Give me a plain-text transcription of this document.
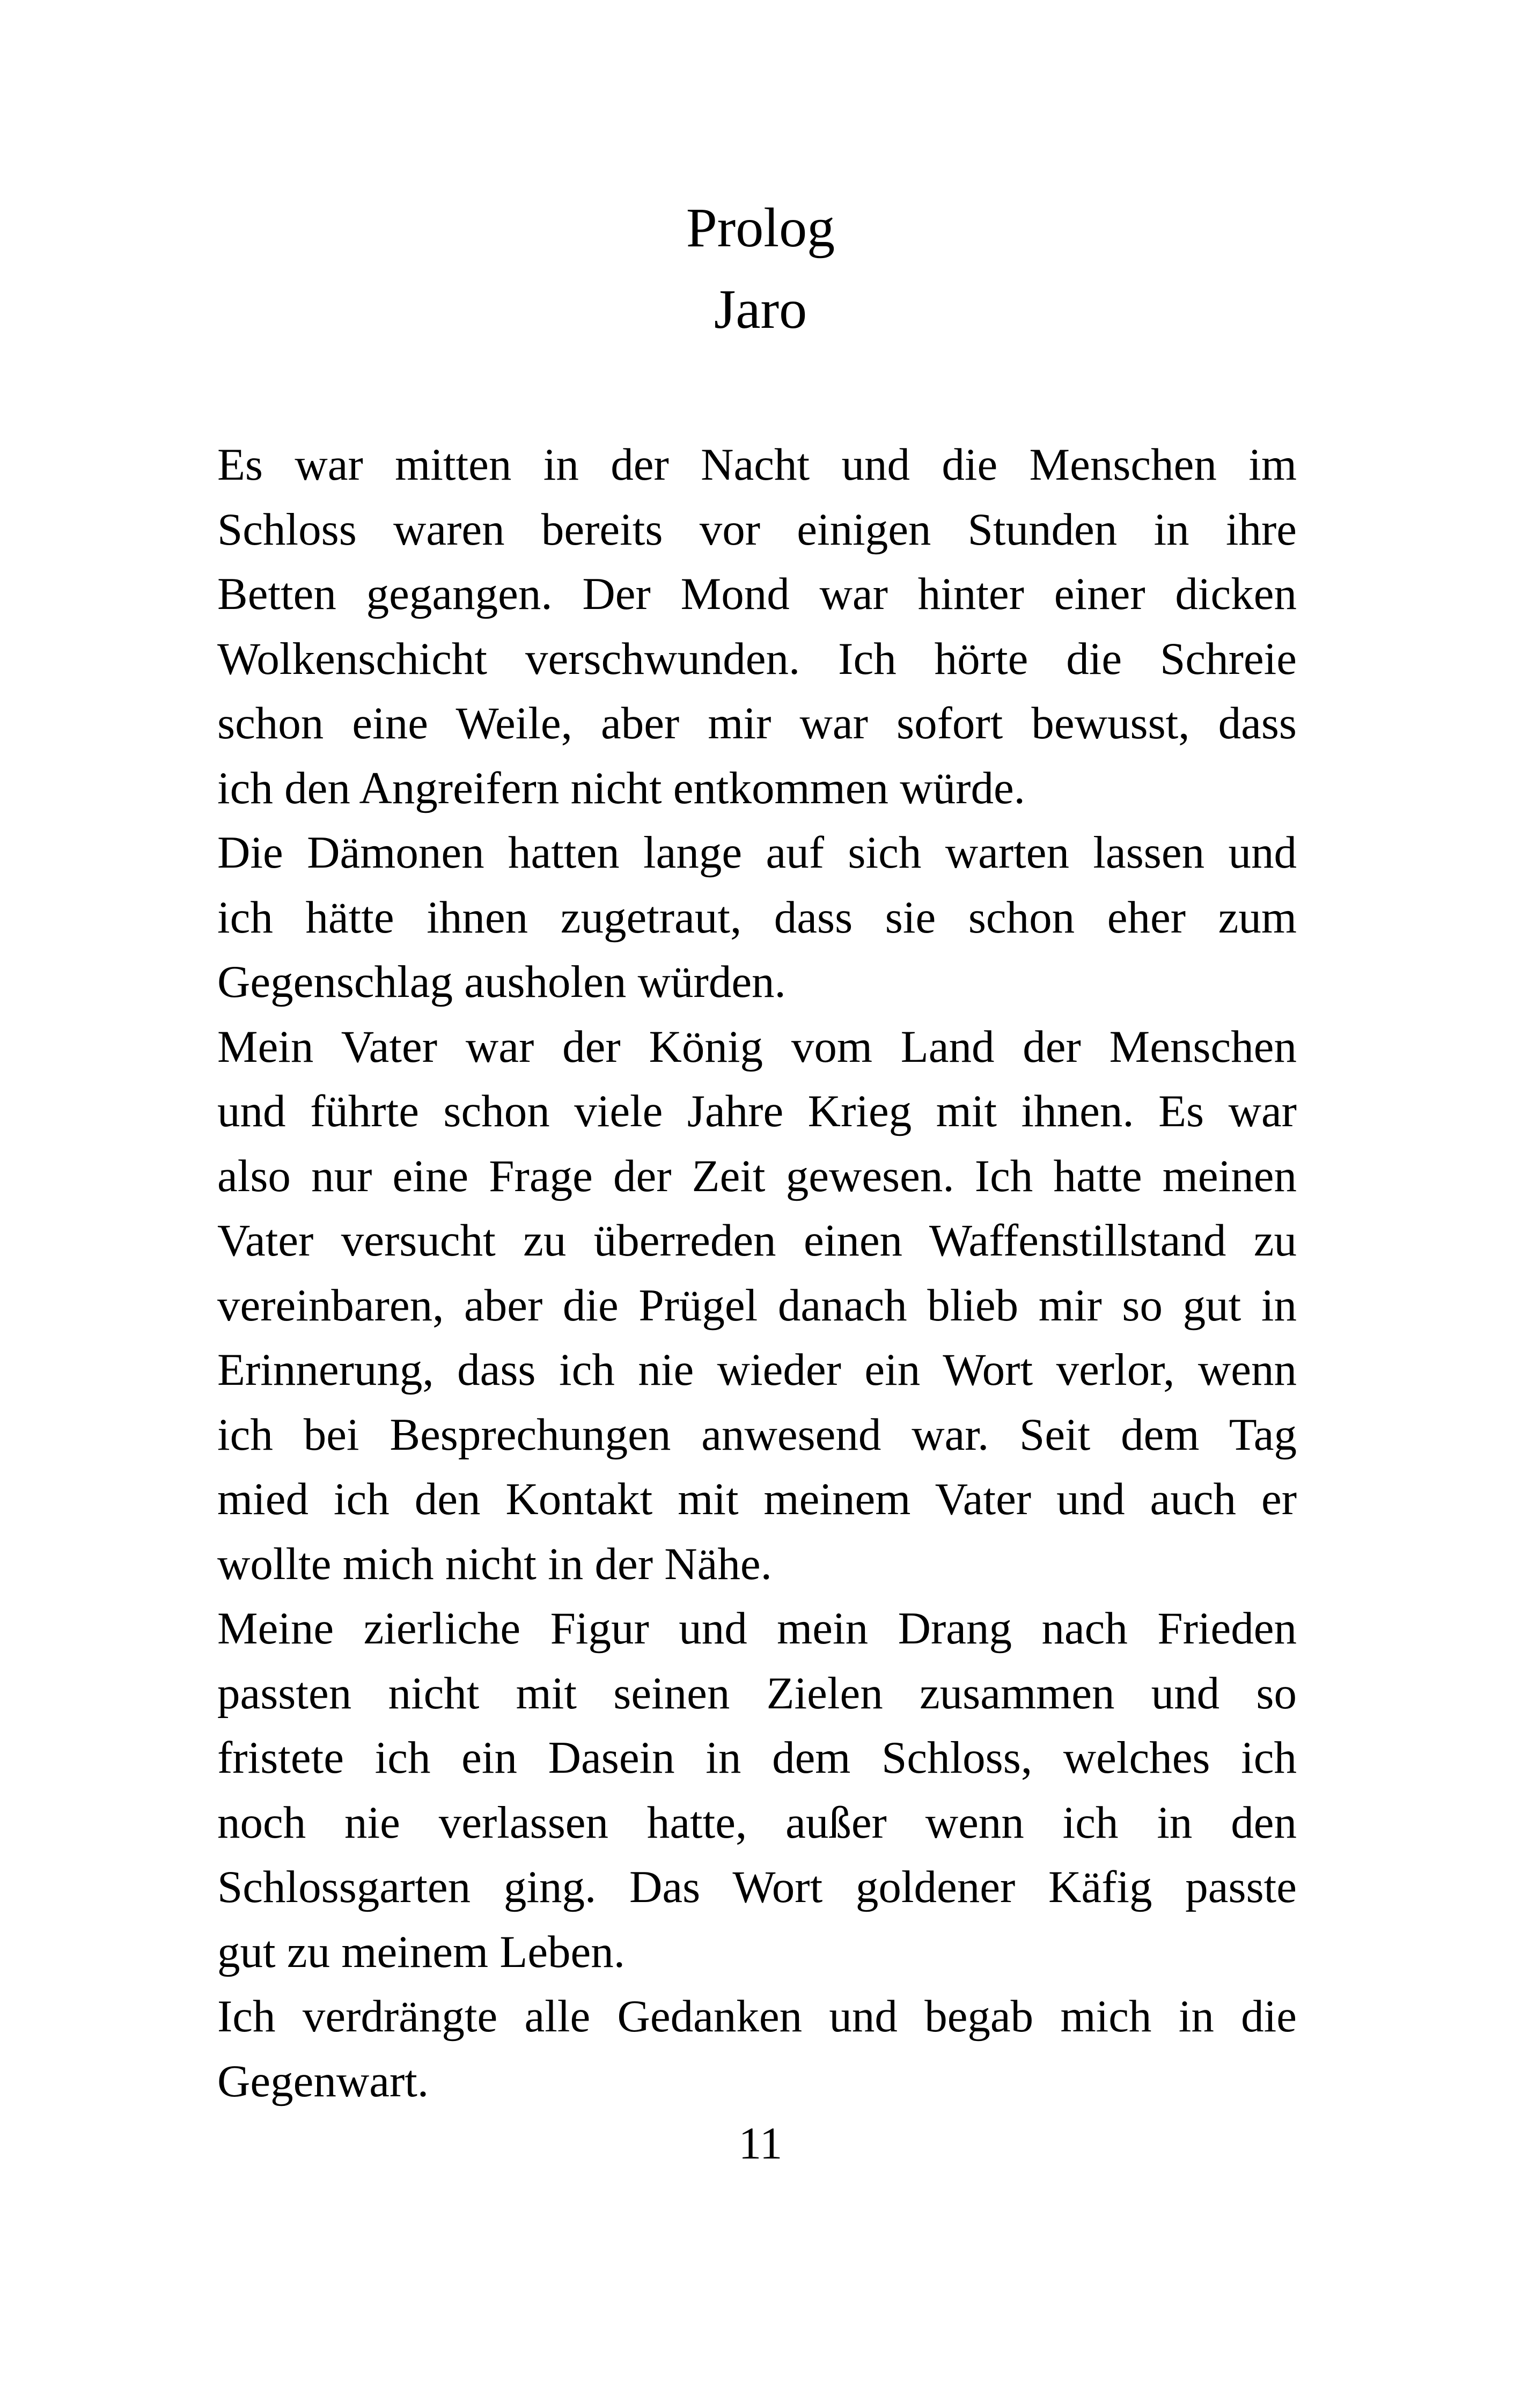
Prolog
Jaro

Es war mitten in der Nacht und die Menschen im
Schloss waren bereits vor einigen Stunden in ihre
Betten gegangen. Der Mond war hinter einer dicken
Wolkenschicht verschwunden. Ich hörte die Schreie
schon eine Weile, aber mir war sofort bewusst, dass
ich den Angreifern nicht entkommen würde.

Die Dämonen hatten lange auf sich warten lassen und
ich hätte ihnen zugetraut, dass sie schon eher zum
Gegenschlag ausholen würden.

Mein Vater war der König vom Land der Menschen
und führte schon viele Jahre Krieg mit ihnen. Es war
also nur eine Frage der Zeit gewesen. Ich hatte meinen
Vater versucht zu überreden einen Waffenstillstand zu
vereinbaren, aber die Prügel danach blieb mir so gut in
Erinnerung, dass ich nie wieder ein Wort verlor, wenn
ich bei Besprechungen anwesend war. Seit dem Tag
mied ich den Kontakt mit meinem Vater und auch er
wollte mich nicht in der Nähe.

Meine zierliche Figur und mein Drang nach Frieden
passten nicht mit seinen Zielen zusammen und so
fristete ich ein Dasein in dem Schloss, welches ich
noch nie verlassen hatte, außer wenn ich in den
Schlossgarten ging. Das Wort goldener Käfig passte
gut zu meinem Leben.

Ich verdrängte alle Gedanken und begab mich in die
Gegenwart.

11
